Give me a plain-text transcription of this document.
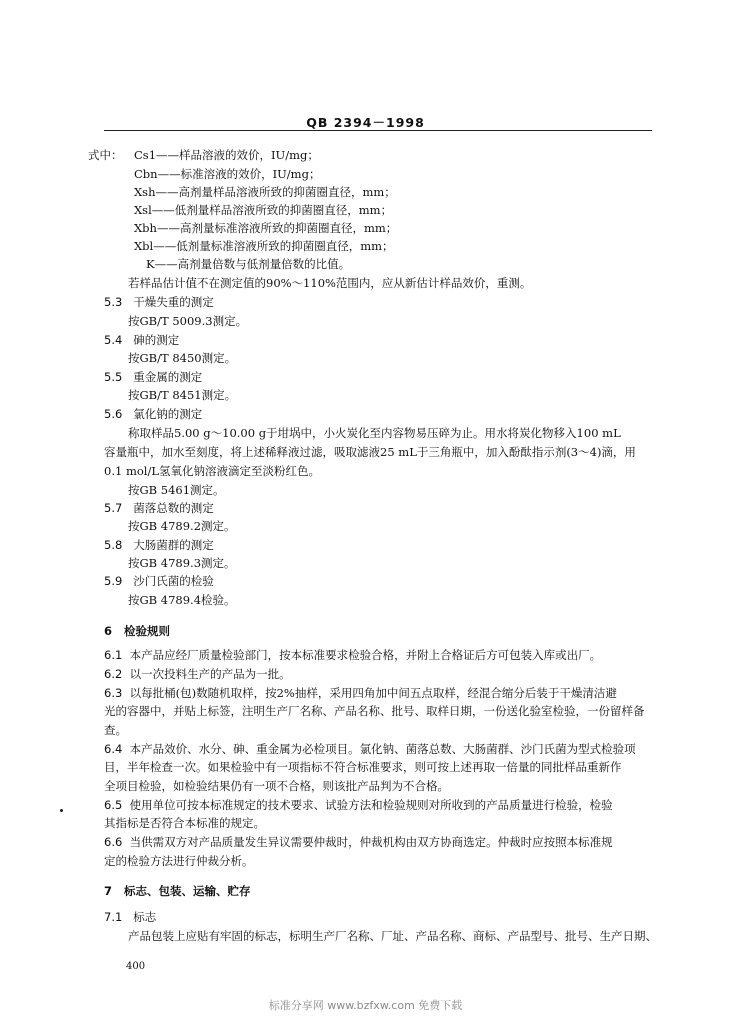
QB 2394－1998
式中： Cs1——样品溶液的效价，IU/mg；
Cbn——标准溶液的效价，IU/mg；
Xsh——高剂量样品溶液所致的抑菌圈直径，mm；
Xsl——低剂量样品溶液所致的抑菌圈直径，mm；
Xbh——高剂量标准溶液所致的抑菌圈直径，mm；
Xbl——低剂量标准溶液所致的抑菌圈直径，mm；
K——高剂量倍数与低剂量倍数的比值。
若样品估计值不在测定值的90%～110%范围内，应从新估计样品效价，重测。
5.3 干燥失重的测定
按GB/T 5009.3测定。
5.4 砷的测定
按GB/T 8450测定。
5.5 重金属的测定
按GB/T 8451测定。
5.6 氯化钠的测定
称取样品5.00 g～10.00 g于坩埚中，小火炭化至内容物易压碎为止。用水将炭化物移入100 mL
容量瓶中，加水至刻度，将上述稀释液过滤，吸取滤液25 mL于三角瓶中，加入酚酞指示剂(3～4)滴，用
0.1 mol/L氢氧化钠溶液滴定至淡粉红色。
按GB 5461测定。
5.7 菌落总数的测定
按GB 4789.2测定。
5.8 大肠菌群的测定
按GB 4789.3测定。
5.9 沙门氏菌的检验
按GB 4789.4检验。
6 检验规则
6.1 本产品应经厂质量检验部门，按本标准要求检验合格，并附上合格证后方可包装入库或出厂。
6.2 以一次投料生产的产品为一批。
6.3 以每批桶(包)数随机取样，按2%抽样，采用四角加中间五点取样，经混合缩分后装于干燥清洁避
光的容器中，并贴上标签，注明生产厂名称、产品名称、批号、取样日期，一份送化验室检验，一份留样备
查。
6.4 本产品效价、水分、砷、重金属为必检项目。氯化钠、菌落总数、大肠菌群、沙门氏菌为型式检验项
目，半年检查一次。如果检验中有一项指标不符合标准要求，则可按上述再取一倍量的同批样品重新作
全项目检验，如检验结果仍有一项不合格，则该批产品判为不合格。
6.5 使用单位可按本标准规定的技术要求、试验方法和检验规则对所收到的产品质量进行检验，检验
其指标是否符合本标准的规定。
6.6 当供需双方对产品质量发生异议需要仲裁时，仲裁机构由双方协商选定。仲裁时应按照本标准规
定的检验方法进行仲裁分析。
7 标志、包装、运输、贮存
7.1 标志
产品包装上应贴有牢固的标志，标明生产厂名称、厂址、产品名称、商标、产品型号、批号、生产日期、
400
标准分享网 www.bzfxw.com 免费下载
